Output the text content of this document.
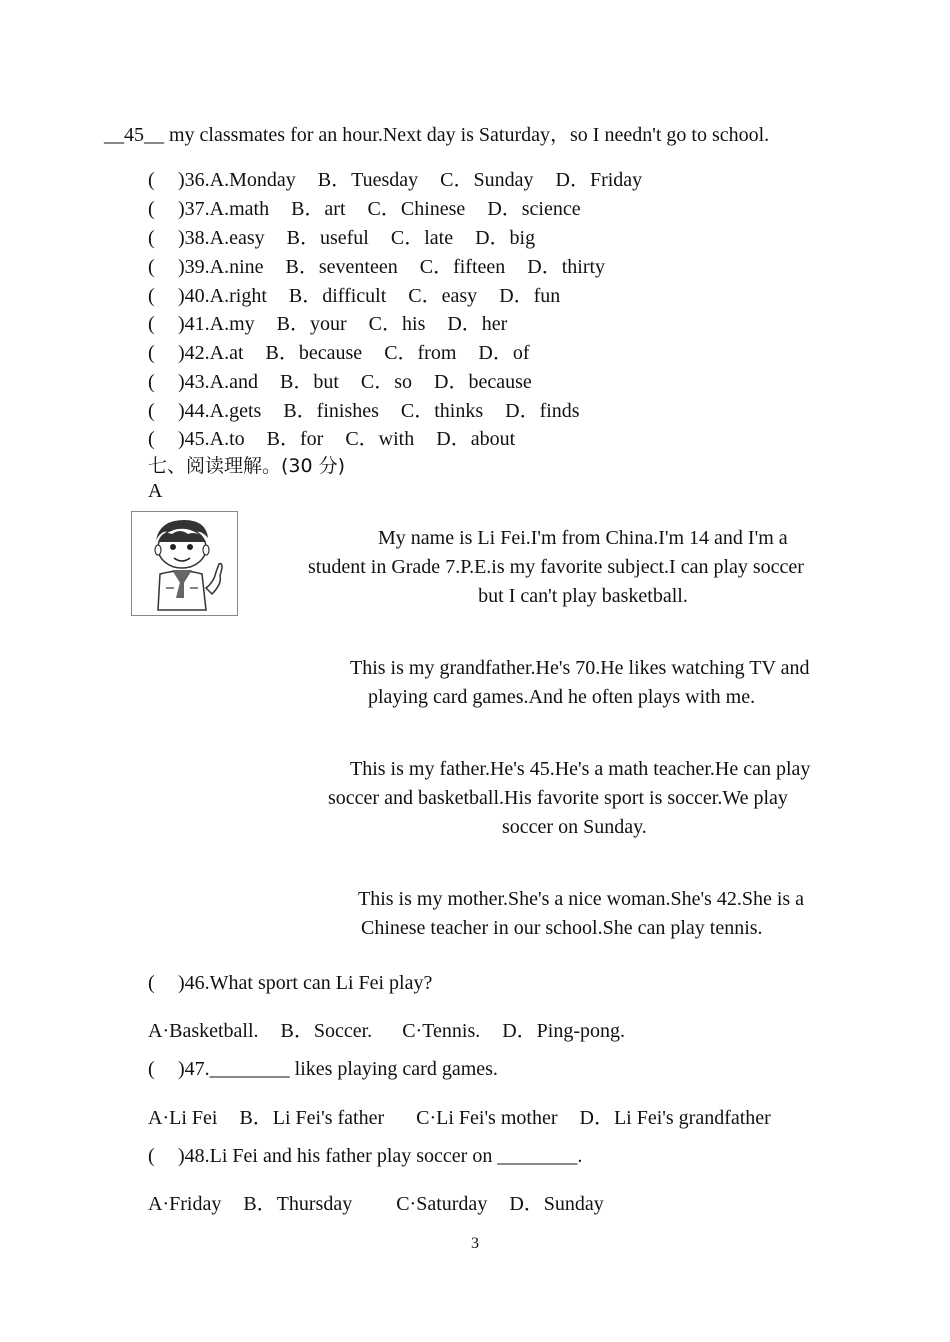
__45__ my classmates for an hour.Next day is Saturday，so I needn't go to school.
( )36.A.Monday B．Tuesday C．Sunday D．Friday
( )37.A.math B．art C．Chinese D．science
( )38.A.easy B．useful C．late D．big
( )39.A.nine B．seventeen C．fifteen D．thirty
( )40.A.right B．difficult C．easy D．fun
( )41.A.my B．your C．his D．her
( )42.A.at B．because C．from D．of
( )43.A.and B．but C．so D．because
( )44.A.gets B．finishes C．thinks D．finds
( )45.A.to B．for C．with D．about
七、阅读理解。(30 分)
A
My name is Li Fei.I'm from China.I'm 14 and I'm a
student in Grade 7.P.E.is my favorite subject.I can play soccer
but I can't play basketball.
This is my grandfather.He's 70.He likes watching TV and
playing card games.And he often plays with me.
This is my father.He's 45.He's a math teacher.He can play
soccer and basketball.His favorite sport is soccer.We play
soccer on Sunday.
This is my mother.She's a nice woman.She's 42.She is a
Chinese teacher in our school.She can play tennis.
( )46.What sport can Li Fei play?
A·Basketball. B．Soccer. C·Tennis. D．Ping-pong.
( )47.________ likes playing card games.
A·Li Fei B．Li Fei's father C·Li Fei's mother D．Li Fei's grandfather
( )48.Li Fei and his father play soccer on ________.
A·Friday B．Thursday C·Saturday D．Sunday
3
